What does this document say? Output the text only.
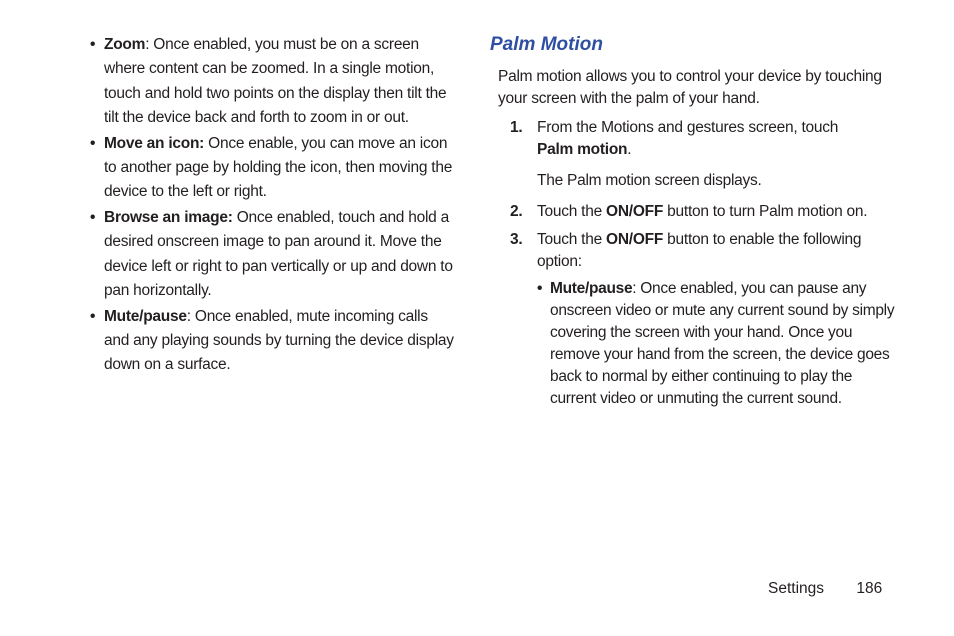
• Zoom: Once enabled, you must be on a screen where content can be zoomed. In a single motion, touch and hold two points on the display then tilt the tilt the device back and forth to zoom in or out.
• Move an icon: Once enable, you can move an icon to another page by holding the icon, then moving the device to the left or right.
• Browse an image: Once enabled, touch and hold a desired onscreen image to pan around it. Move the device left or right to pan vertically or up and down to pan horizontally.
• Mute/pause: Once enabled, mute incoming calls and any playing sounds by turning the device display down on a surface.
Palm Motion
Palm motion allows you to control your device by touching your screen with the palm of your hand.
1. From the Motions and gestures screen, touch
Palm motion.
The Palm motion screen displays.
2. Touch the ON/OFF button to turn Palm motion on.
3. Touch the ON/OFF button to enable the following option:
• Mute/pause: Once enabled, you can pause any onscreen video or mute any current sound by simply covering the screen with your hand. Once you remove your hand from the screen, the device goes back to normal by either continuing to play the current video or unmuting the current sound.
Settings 186
